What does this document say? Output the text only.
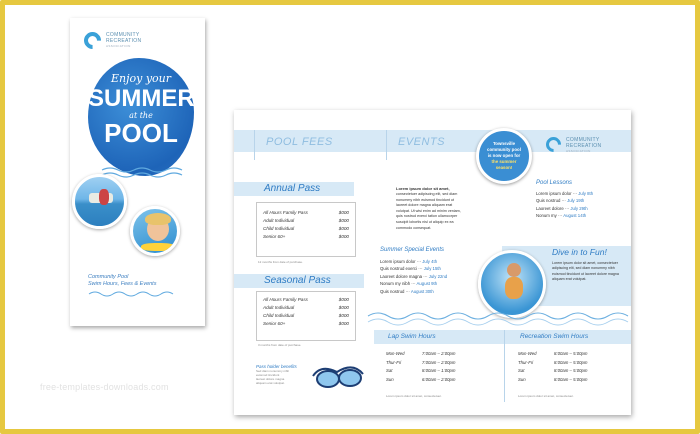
COMMUNITY
RECREATION
ASSOCIATION
Enjoy your
SUMMER
at the
POOL
Community Pool
Swim Hours, Fees & Events
free-templates-downloads.com
POOL FEES	EVENTS	Townsville
community pool
is now open for
the summer
season!
COMMUNITY
RECREATION
ASSOCIATION
Annual Pass
All Hours Family Pass	$000
Adult Individual	$000
Child Individual	$000
Senior 60+	$000
12 months from date of purchase.
Seasonal Pass
All Hours Family Pass	$000
Adult Individual	$000
Child Individual	$000
Senior 60+	$000
3 months from date of purchase.
Pass holder benefits
Sed diam nonummy nibh
euismod tincidunt
laoreet dolore magna
aliquam erat volutpat.
Lorem ipsum dolor sit amet,
consectetuer adipiscing elit, sed diam nonummy nibh euismod tincidunt ut laoreet dolore magna aliquam erat volutpat. Ut wisi enim ad minim veniam, quis nostrud exerci tation ullamcorper suscipit lobortis nisl ut aliquip ex ea commodo consequat.
Summer Special Events
Lorem ipsum dolor ··· July 4th
Quis nostrud exerci ··· July 15th
Laoreet dolore magna ··· July 22nd
Nonum my nibh ··· August 9th
Quis nostrud ··· August 30th
Pool Lessons
Lorem ipsum dolor ··· July 8th
Quis nostrud ··· July 19th
Laoreet dolore ··· July 29th
Nonum my ··· August 14th
Dive in to Fun!
Lorem ipsum dolor sit amet, consectetuer adipiscing elit, sed diam nonummy nibh euismod tincidunt ut laoreet dolore magna aliquam erat volutpat.
Lap Swim Hours
Mon-Wed	7:00am – 2:00pm
Thur-Fri	7:00am – 2:00pm
Sat	8:00am – 1:00pm
Sun	6:00am – 2:00pm
Lorem ipsum dolor sit amet, consectetuer.
Recreation Swim Hours
Mon-Wed	8:00am – 5:00pm
Thur-Fri	8:00am – 5:00pm
Sat	8:00am – 5:00pm
Sun	8:00am – 5:00pm
Lorem ipsum dolor sit amet, consectetuer.
